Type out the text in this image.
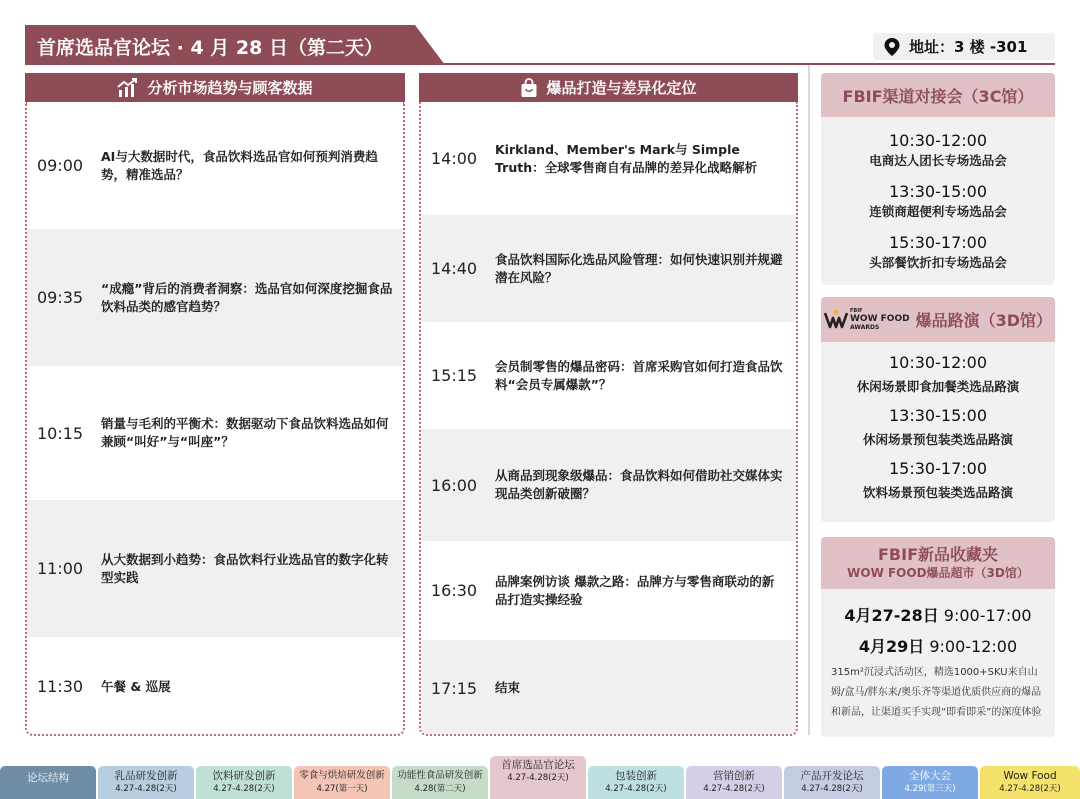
首席选品官论坛 · 4 月 28 日（第二天）	地址：3 楼 -301
分析市场趋势与顾客数据
09:00 AI与大数据时代，食品饮料选品官如何预判消费趋势，精准选品？
09:35 “成瘾”背后的消费者洞察：选品官如何深度挖掘食品饮料品类的感官趋势？
10:15 销量与毛利的平衡术：数据驱动下食品饮料选品如何兼顾“叫好”与“叫座”？
11:00 从大数据到小趋势：食品饮料行业选品官的数字化转型实践
11:30 午餐 & 巡展
爆品打造与差异化定位
14:00 Kirkland、Member's Mark与 Simple Truth：全球零售商自有品牌的差异化战略解析
14:40 食品饮料国际化选品风险管理：如何快速识别并规避潜在风险？
15:15 会员制零售的爆品密码：首席采购官如何打造食品饮料“会员专属爆款”？
16:00 从商品到现象级爆品：食品饮料如何借助社交媒体实现品类创新破圈？
16:30 品牌案例访谈 爆款之路：品牌方与零售商联动的新品打造实操经验
17:15 结束
FBIF渠道对接会（3C馆）
10:30-12:00
电商达人团长专场选品会
13:30-15:00
连锁商超便利专场选品会
15:30-17:00
头部餐饮折扣专场选品会
FBIF
WOW FOOD
AWARDS	爆品路演（3D馆）
10:30-12:00
休闲场景即食加餐类选品路演
13:30-15:00
休闲场景预包装类选品路演
15:30-17:00
饮料场景预包装类选品路演
FBIF新品收藏夹
WOW FOOD爆品超市（3D馆）
4月27-28日 9:00-17:00
4月29日 9:00-12:00
315m²沉浸式活动区，精选1000+SKU来自山姆/盒马/胖东来/奥乐齐等渠道优质供应商的爆品和新品，让渠道买手实现“即看即采”的深度体验
论坛结构	乳品研发创新
4.27-4.28(2天)
饮料研发创新
4.27-4.28(2天)
零食与烘焙研发创新
4.27(第一天)
功能性食品研发创新
4.28(第二天)
首席选品官论坛
4.27-4.28(2天)	包装创新
4.27-4.28(2天)
营销创新
4.27-4.28(2天)
产品开发论坛
4.27-4.28(2天)
全体大会
4.29(第三天)
Wow Food
4.27-4.28(2天)
